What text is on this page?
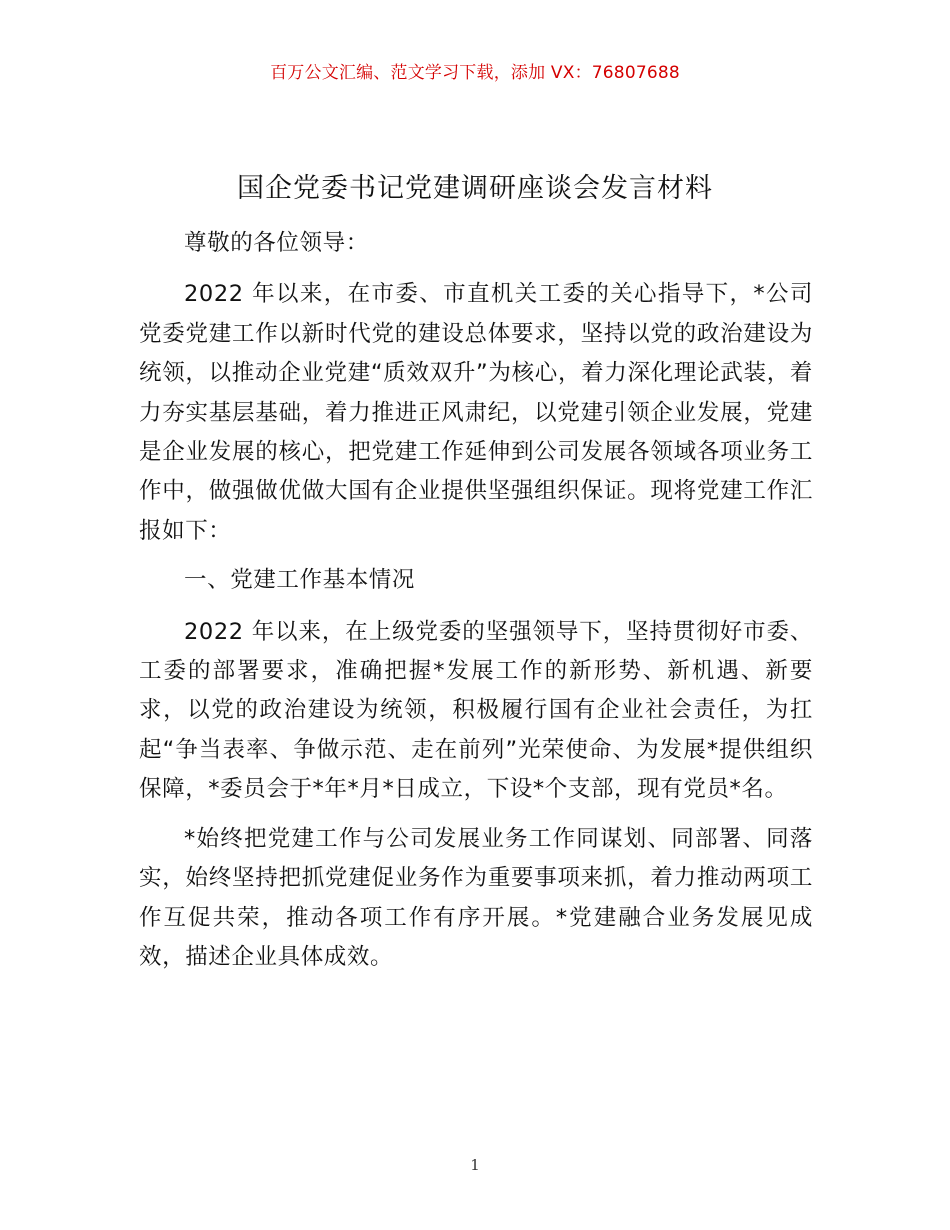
百万公文汇编、范文学习下载，添加 VX：76807688
国企党委书记党建调研座谈会发言材料

尊敬的各位领导：

2022 年以来，在市委、市直机关工委的关心指导下，*公司党委党建工作以新时代党的建设总体要求，坚持以党的政治建设为统领，以推动企业党建“质效双升”为核心，着力深化理论武装，着力夯实基层基础，着力推进正风肃纪，以党建引领企业发展，党建是企业发展的核心，把党建工作延伸到公司发展各领域各项业务工作中，做强做优做大国有企业提供坚强组织保证。现将党建工作汇报如下：

一、党建工作基本情况

2022 年以来，在上级党委的坚强领导下，坚持贯彻好市委、工委的部署要求，准确把握*发展工作的新形势、新机遇、新要求，以党的政治建设为统领，积极履行国有企业社会责任，为扛起“争当表率、争做示范、走在前列”光荣使命、为发展*提供组织保障，*委员会于*年*月*日成立，下设*个支部，现有党员*名。

*始终把党建工作与公司发展业务工作同谋划、同部署、同落实，始终坚持把抓党建促业务作为重要事项来抓，着力推动两项工作互促共荣，推动各项工作有序开展。*党建融合业务发展见成效，描述企业具体成效。

1
